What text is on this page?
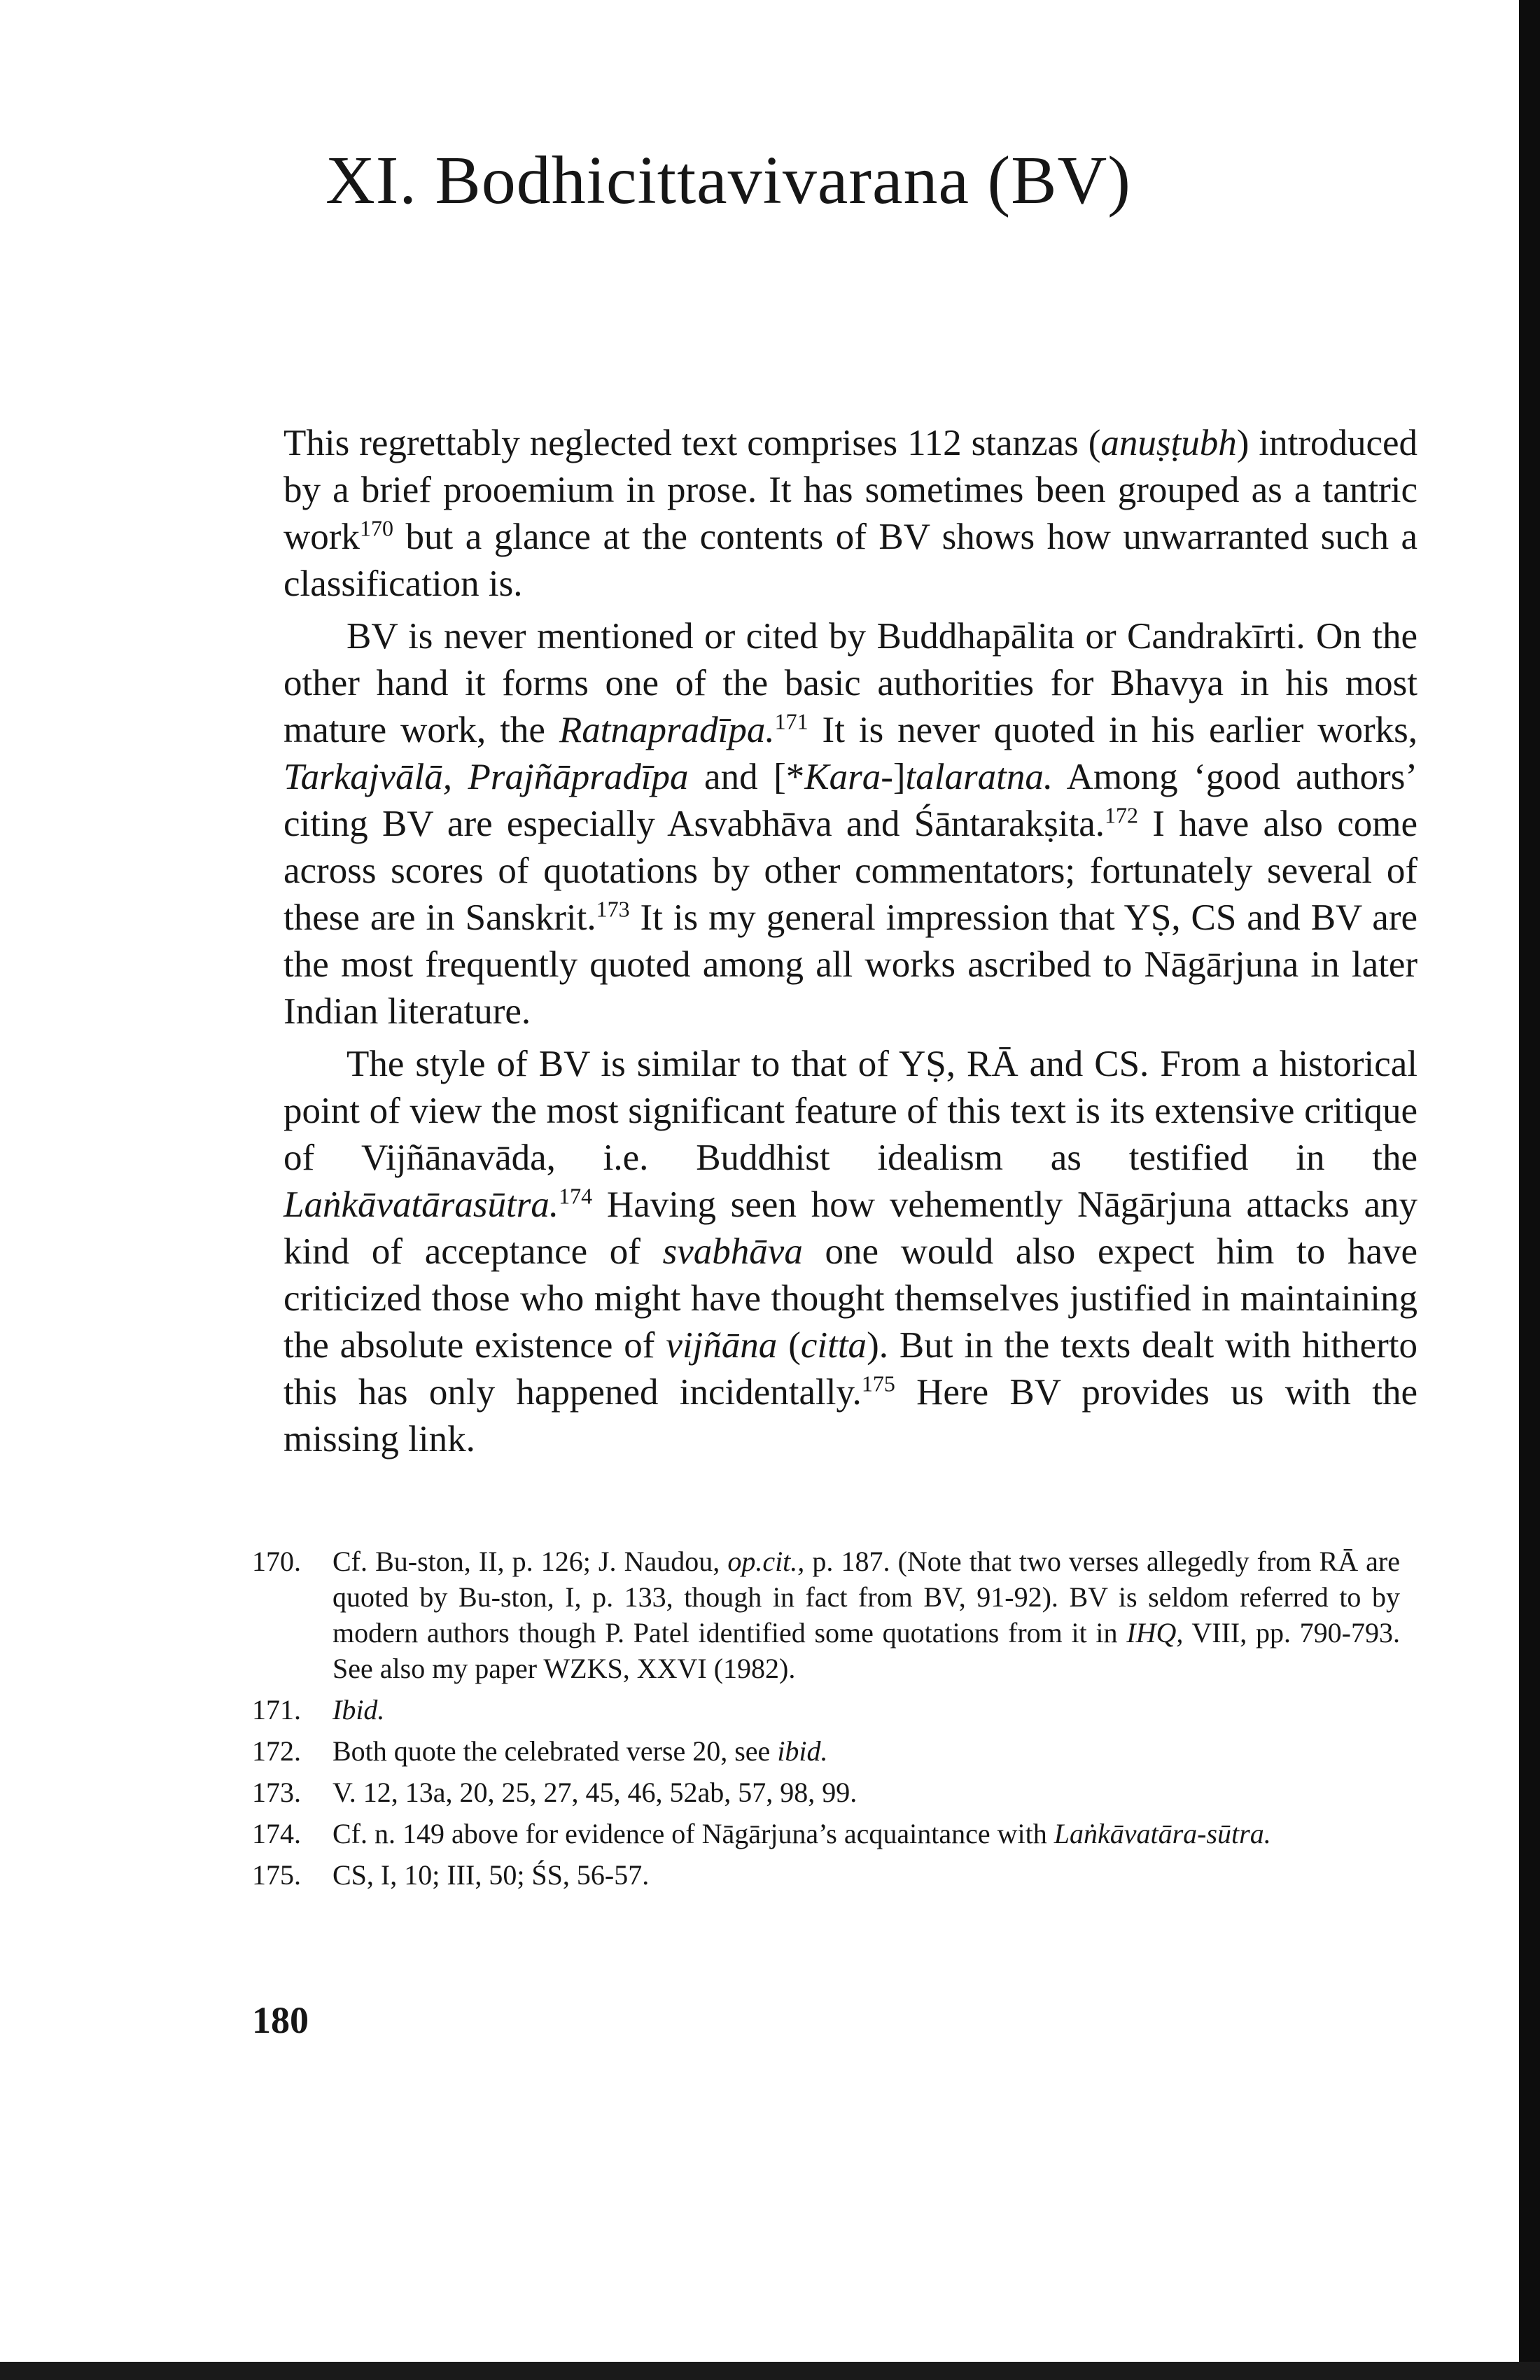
XI. Bodhicittavivarana (BV)

This regrettably neglected text comprises 112 stanzas (anuṣṭubh) introduced by a brief prooemium in prose. It has sometimes been grouped as a tantric work$^{170}$ but a glance at the contents of BV shows how unwarranted such a classification is.

BV is never mentioned or cited by Buddhapālita or Candrakīrti. On the other hand it forms one of the basic authorities for Bhavya in his most mature work, the Ratnapradīpa.$^{171}$ It is never quoted in his earlier works, Tarkajvālā, Prajñāpradīpa and [*Kara-]talaratna. Among ‘good authors’ citing BV are especially Asvabhāva and Śāntarakṣita.$^{172}$ I have also come across scores of quotations by other commentators; fortunately several of these are in Sanskrit.$^{173}$ It is my general impression that YṢ, CS and BV are the most frequently quoted among all works ascribed to Nāgārjuna in later Indian literature.

The style of BV is similar to that of YṢ, RĀ and CS. From a historical point of view the most significant feature of this text is its extensive critique of Vijñānavāda, i.e. Buddhist idealism as testified in the Laṅkāvatārasūtra.$^{174}$ Having seen how vehemently Nāgārjuna attacks any kind of acceptance of svabhāva one would also expect him to have criticized those who might have thought themselves justified in maintaining the absolute existence of vijñāna (citta). But in the texts dealt with hitherto this has only happened incidentally.$^{175}$ Here BV provides us with the missing link.

170.	Cf. Bu-ston, II, p. 126; J. Naudou, op.cit., p. 187. (Note that two verses allegedly from RĀ are quoted by Bu-ston, I, p. 133, though in fact from BV, 91-92). BV is seldom referred to by modern authors though P. Patel identified some quotations from it in IHQ, VIII, pp. 790-793. See also my paper WZKS, XXVI (1982).
171.	Ibid.
172.	Both quote the celebrated verse 20, see ibid.
173.	V. 12, 13a, 20, 25, 27, 45, 46, 52ab, 57, 98, 99.
174.	Cf. n. 149 above for evidence of Nāgārjuna’s acquaintance with Laṅkāvatāra-sūtra.
175.	CS, I, 10; III, 50; ŚS, 56-57.
180
